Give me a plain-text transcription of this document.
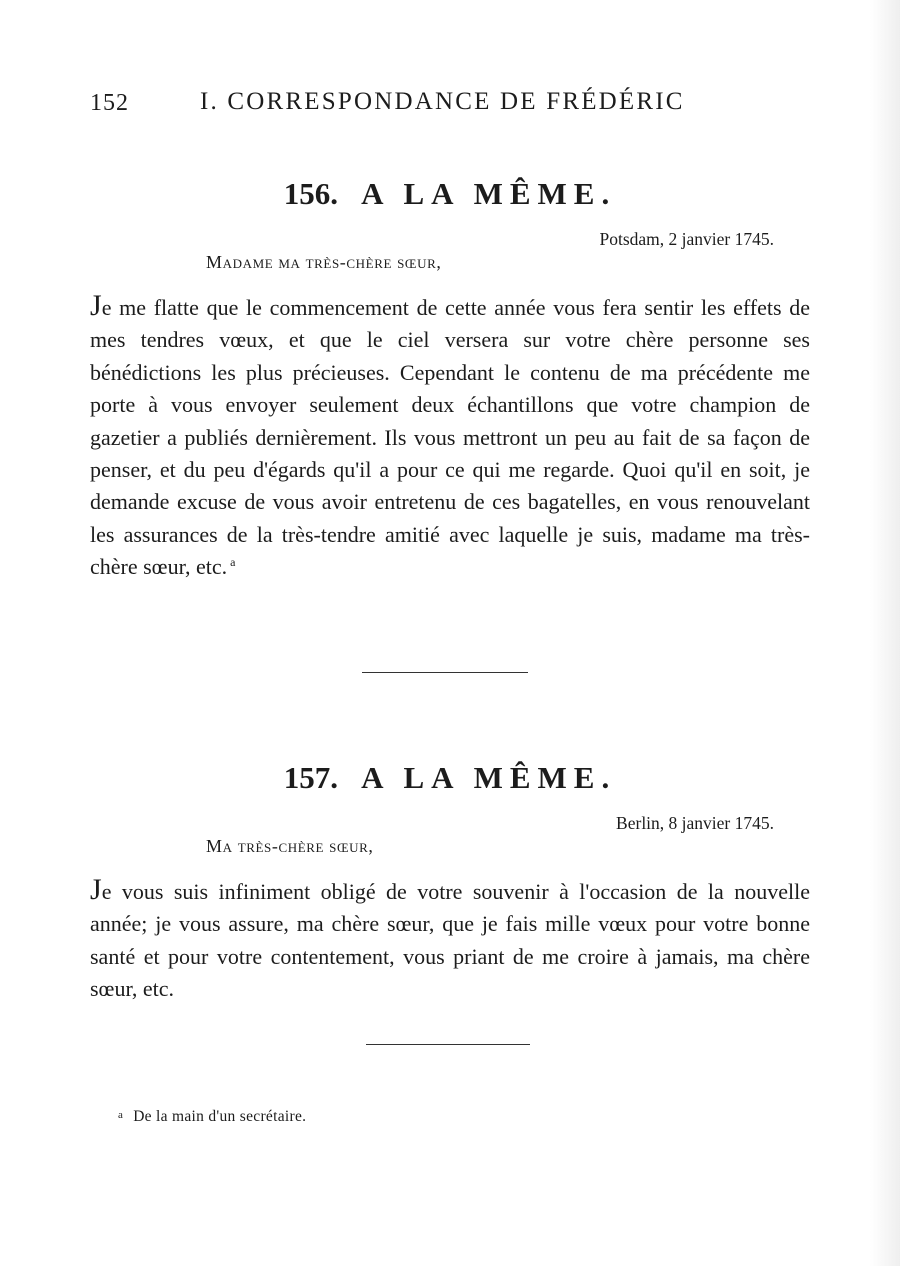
152	I. CORRESPONDANCE DE FRÉDÉRIC
156. A LA MÊME.
Potsdam, 2 janvier 1745.
Madame ma très-chère sœur,
Je me flatte que le commencement de cette année vous fera sentir les effets de mes tendres vœux, et que le ciel versera sur votre chère personne ses bénédictions les plus précieuses. Cependant le contenu de ma précédente me porte à vous envoyer seulement deux échantillons que votre champion de gazetier a publiés dernièrement. Ils vous mettront un peu au fait de sa façon de penser, et du peu d'égards qu'il a pour ce qui me regarde. Quoi qu'il en soit, je demande excuse de vous avoir entretenu de ces bagatelles, en vous renouvelant les assurances de la très-tendre amitié avec laquelle je suis, madame ma très-chère sœur, etc. $^a$
157. A LA MÊME.
Berlin, 8 janvier 1745.
Ma très-chère sœur,
Je vous suis infiniment obligé de votre souvenir à l'occasion de la nouvelle année; je vous assure, ma chère sœur, que je fais mille vœux pour votre bonne santé et pour votre contentement, vous priant de me croire à jamais, ma chère sœur, etc.
a De la main d'un secrétaire.
